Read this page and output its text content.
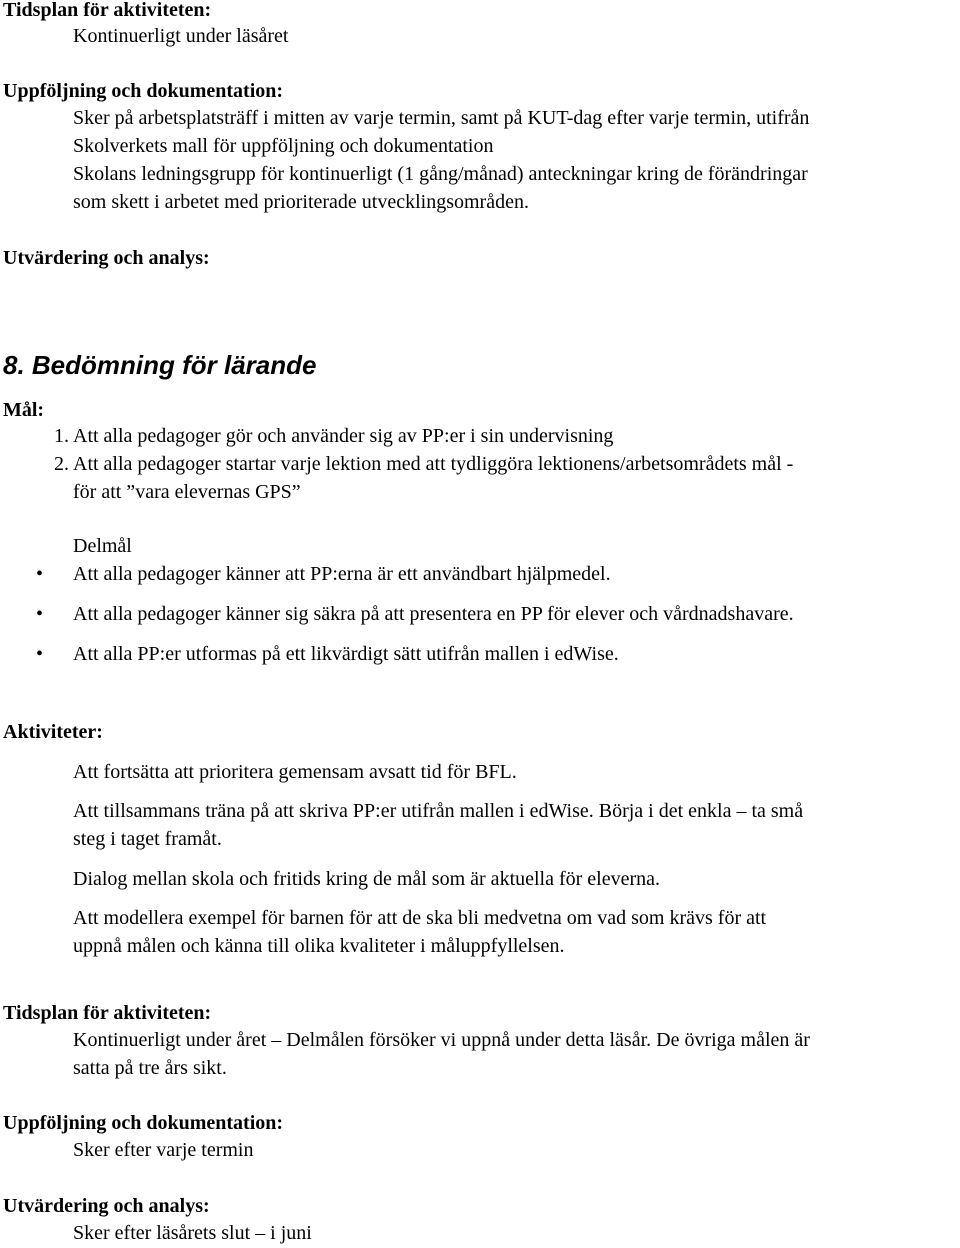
Tidsplan för aktiviteten:
Kontinuerligt under läsåret
Uppföljning och dokumentation:
Sker på arbetsplatsträff i mitten av varje termin, samt på KUT-dag efter varje termin, utifrån
Skolverkets mall för uppföljning och dokumentation
Skolans ledningsgrupp för kontinuerligt (1 gång/månad) anteckningar kring de förändringar
som skett i arbetet med prioriterade utvecklingsområden.
Utvärdering och analys:
8. Bedömning för lärande
Mål:
1. Att alla pedagoger gör och använder sig av PP:er i sin undervisning
2. Att alla pedagoger startar varje lektion med att tydliggöra lektionens/arbetsområdets mål -
för att ”vara elevernas GPS”
Delmål
•	Att alla pedagoger känner att PP:erna är ett användbart hjälpmedel.
•	Att alla pedagoger känner sig säkra på att presentera en PP för elever och vårdnadshavare.
•	Att alla PP:er utformas på ett likvärdigt sätt utifrån mallen i edWise.
Aktiviteter:
Att fortsätta att prioritera gemensam avsatt tid för BFL.
Att tillsammans träna på att skriva PP:er utifrån mallen i edWise. Börja i det enkla – ta små
steg i taget framåt.
Dialog mellan skola och fritids kring de mål som är aktuella för eleverna.
Att modellera exempel för barnen för att de ska bli medvetna om vad som krävs för att
uppnå målen och känna till olika kvaliteter i måluppfyllelsen.
Tidsplan för aktiviteten:
Kontinuerligt under året – Delmålen försöker vi uppnå under detta läsår. De övriga målen är
satta på tre års sikt.
Uppföljning och dokumentation:
Sker efter varje termin
Utvärdering och analys:
Sker efter läsårets slut – i juni
